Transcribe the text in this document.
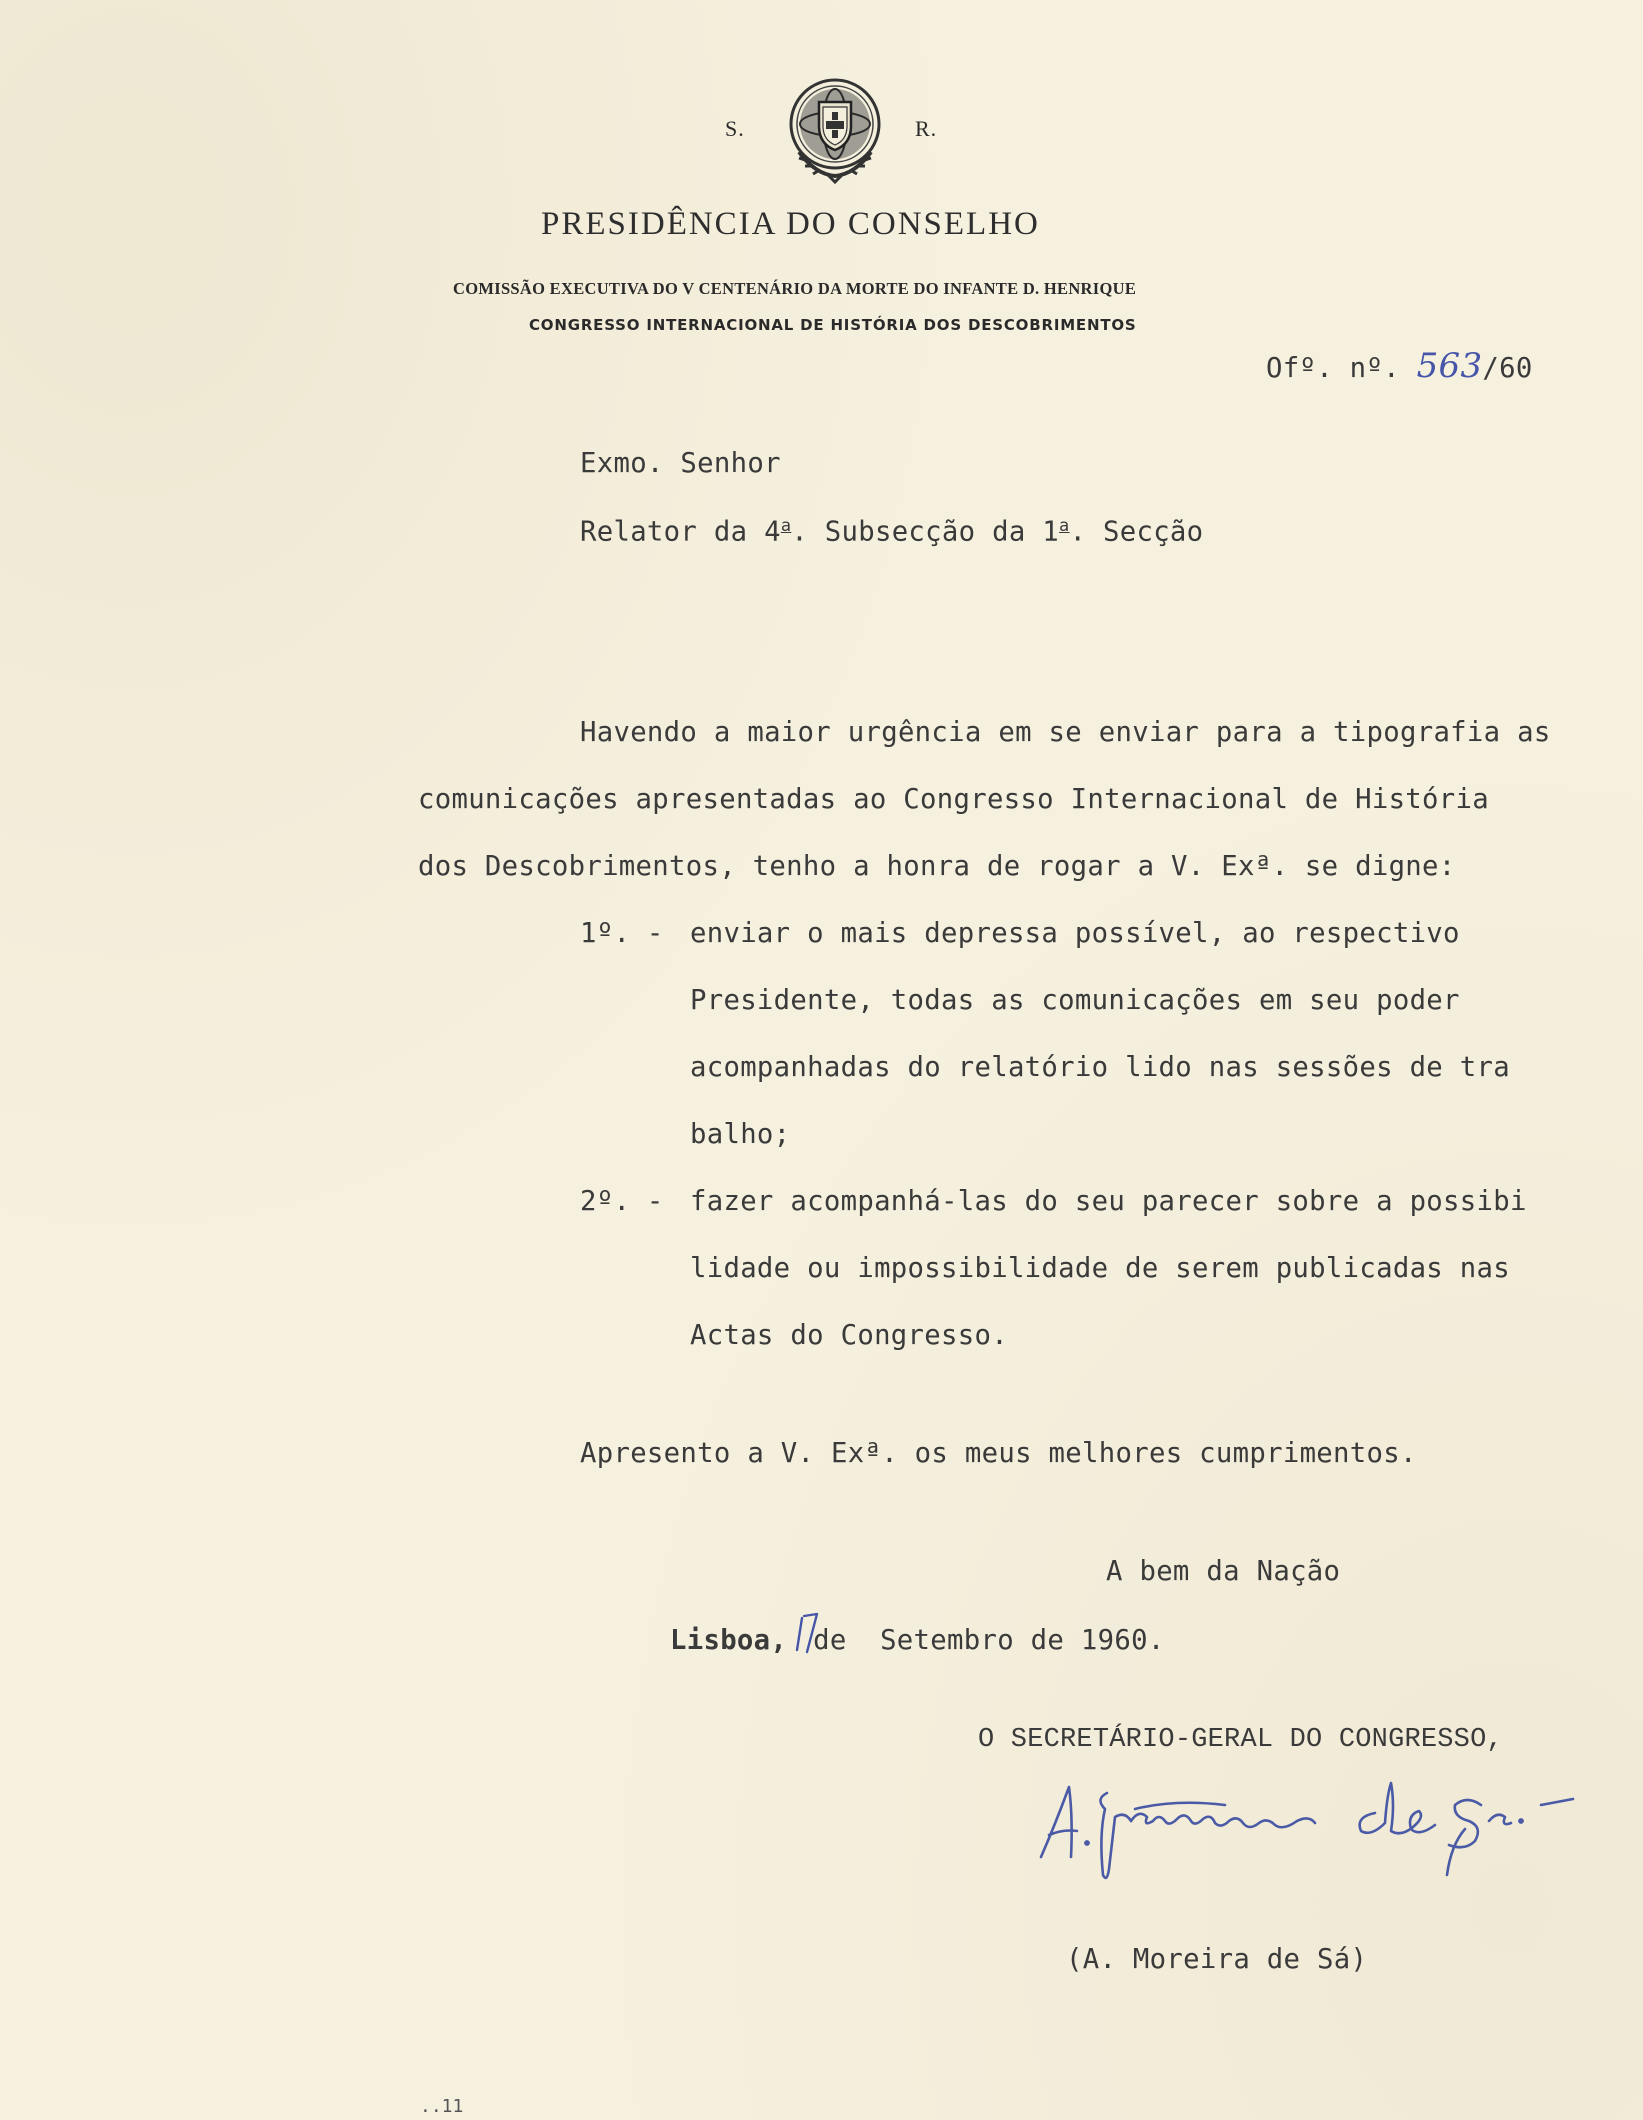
S.	R.
PRESIDÊNCIA DO CONSELHO
COMISSÃO EXECUTIVA DO V CENTENÁRIO DA MORTE DO INFANTE D. HENRIQUE
CONGRESSO INTERNACIONAL DE HISTÓRIA DOS DESCOBRIMENTOS
Ofº. nº. 563/60
Exmo. Senhor
Relator da 4$^a$. Subsecção da 1$^a$. Secção
Havendo a maior urgência em se enviar para a tipografia as
comunicações apresentadas ao Congresso Internacional de História
dos Descobrimentos, tenho a honra de rogar a V. Exª. se digne:
1º. - enviar o mais depressa possível, ao respectivo
Presidente, todas as comunicações em seu poder
acompanhadas do relatório lido nas sessões de tra
balho;
2º. - fazer acompanhá-las do seu parecer sobre a possibi
lidade ou impossibilidade de serem publicadas nas
Actas do Congresso.
Apresento a V. Exª. os meus melhores cumprimentos.
A bem da Nação
Lisboa, de  Setembro de 1960.
O SECRETÁRIO-GERAL DO CONGRESSO,
(A. Moreira de Sá)
..11
